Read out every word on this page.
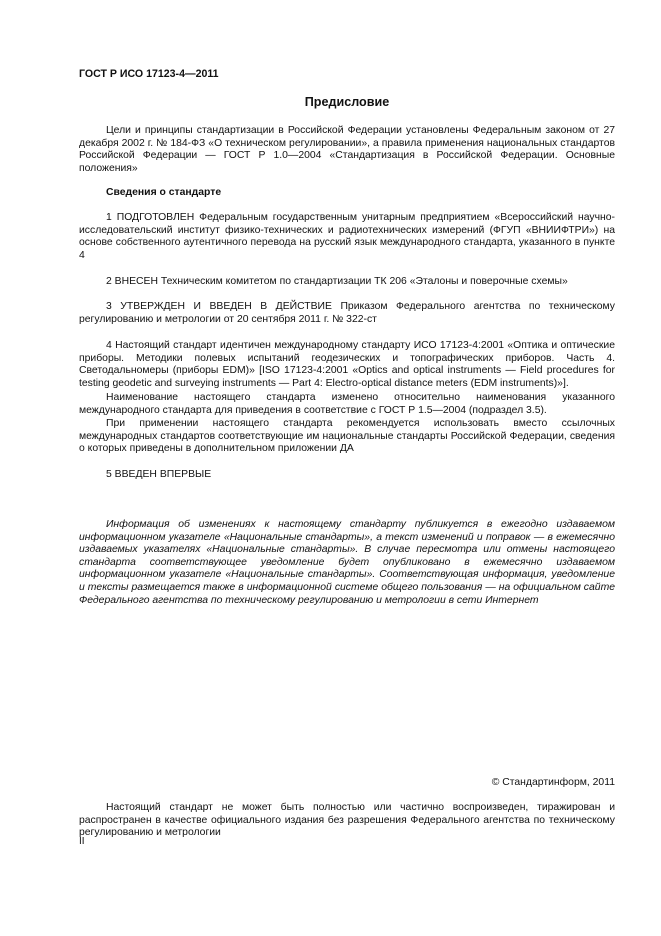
ГОСТ Р ИСО 17123-4—2011

Предисловие

Цели и принципы стандартизации в Российской Федерации установлены Федеральным законом от 27 декабря 2002 г. № 184-ФЗ «О техническом регулировании», а правила применения национальных стандартов Российской Федерации — ГОСТ Р 1.0—2004 «Стандартизация в Российской Федерации. Основные положения»

Сведения о стандарте

1 ПОДГОТОВЛЕН Федеральным государственным унитарным предприятием «Всероссийский научно-исследовательский институт физико-технических и радиотехнических измерений (ФГУП «ВНИИФТРИ») на основе собственного аутентичного перевода на русский язык международного стандарта, указанного в пункте 4

2 ВНЕСЕН Техническим комитетом по стандартизации ТК 206 «Эталоны и поверочные схемы»

3 УТВЕРЖДЕН И ВВЕДЕН В ДЕЙСТВИЕ Приказом Федерального агентства по техническому регулированию и метрологии от 20 сентября 2011 г. № 322-ст

4 Настоящий стандарт идентичен международному стандарту ИСО 17123-4:2001 «Оптика и оптические приборы. Методики полевых испытаний геодезических и топографических приборов. Часть 4. Светодальномеры (приборы EDM)» [ISO 17123-4:2001 «Optics and optical instruments — Field procedures for testing geodetic and surveying instruments — Part 4: Electro-optical distance meters (EDM instruments)»].

Наименование настоящего стандарта изменено относительно наименования указанного международного стандарта для приведения в соответствие с ГОСТ Р 1.5—2004 (подраздел 3.5).

При применении настоящего стандарта рекомендуется использовать вместо ссылочных международных стандартов соответствующие им национальные стандарты Российской Федерации, сведения о которых приведены в дополнительном приложении ДА

5 ВВЕДЕН ВПЕРВЫЕ

Информация об изменениях к настоящему стандарту публикуется в ежегодно издаваемом информационном указателе «Национальные стандарты», а текст изменений и поправок — в ежемесячно издаваемых указателях «Национальные стандарты». В случае пересмотра или отмены настоящего стандарта соответствующее уведомление будет опубликовано в ежемесячно издаваемом информационном указателе «Национальные стандарты». Соответствующая информация, уведомление и тексты размещается также в информационной системе общего пользования — на официальном сайте Федерального агентства по техническому регулированию и метрологии в сети Интернет

© Стандартинформ, 2011

Настоящий стандарт не может быть полностью или частично воспроизведен, тиражирован и распространен в качестве официального издания без разрешения Федерального агентства по техническому регулированию и метрологии

II
